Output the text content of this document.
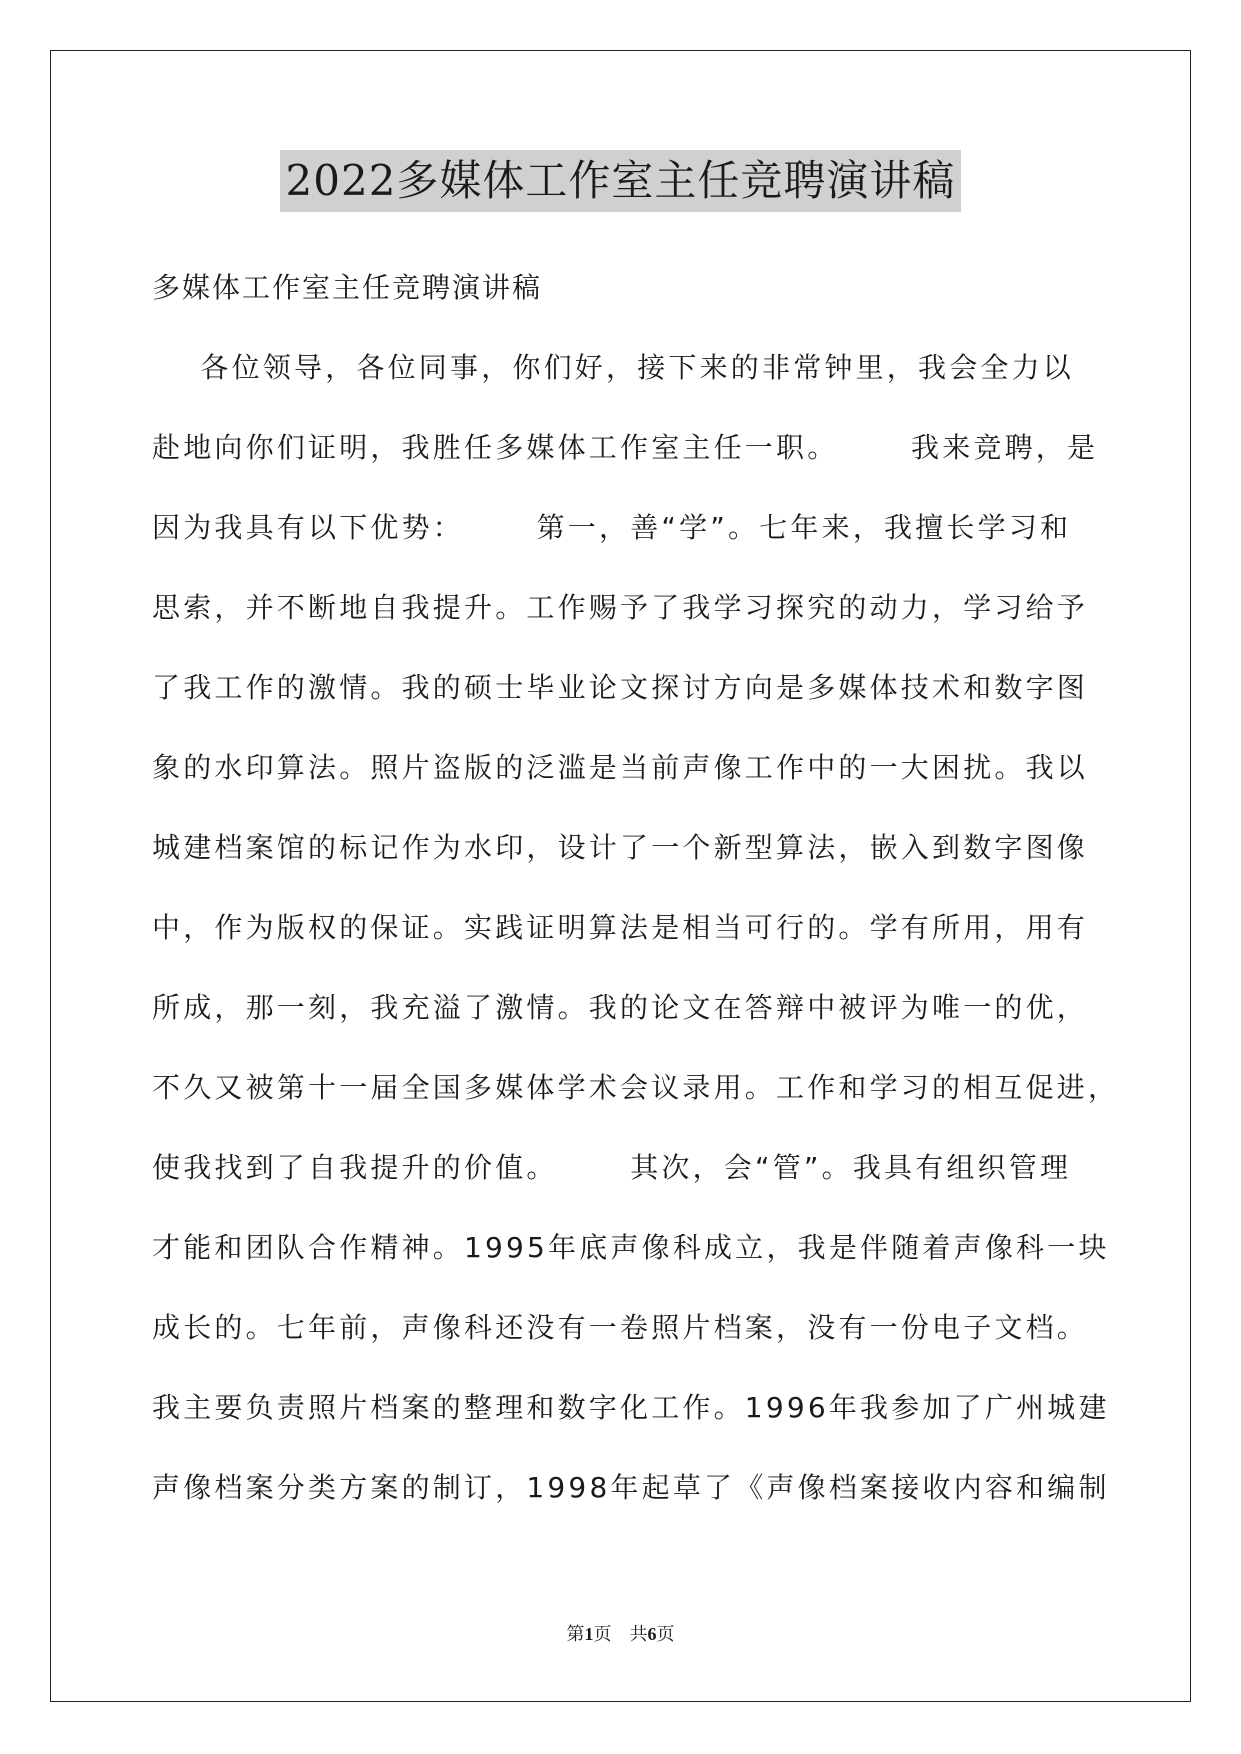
2022多媒体工作室主任竞聘演讲稿
多媒体工作室主任竞聘演讲稿
各位领导，各位同事，你们好，接下来的非常钟里，我会全力以
赴地向你们证明，我胜任多媒体工作室主任一职。      我来竞聘，是
因为我具有以下优势：      第一，善“学”。七年来，我擅长学习和
思索，并不断地自我提升。工作赐予了我学习探究的动力，学习给予
了我工作的激情。我的硕士毕业论文探讨方向是多媒体技术和数字图
象的水印算法。照片盗版的泛滥是当前声像工作中的一大困扰。我以
城建档案馆的标记作为水印，设计了一个新型算法，嵌入到数字图像
中，作为版权的保证。实践证明算法是相当可行的。学有所用，用有
所成，那一刻，我充溢了激情。我的论文在答辩中被评为唯一的优，
不久又被第十一届全国多媒体学术会议录用。工作和学习的相互促进，
使我找到了自我提升的价值。      其次，会“管”。我具有组织管理
才能和团队合作精神。1995年底声像科成立，我是伴随着声像科一块
成长的。七年前，声像科还没有一卷照片档案，没有一份电子文档。
我主要负责照片档案的整理和数字化工作。1996年我参加了广州城建
声像档案分类方案的制订，1998年起草了《声像档案接收内容和编制
第1页　共6页
